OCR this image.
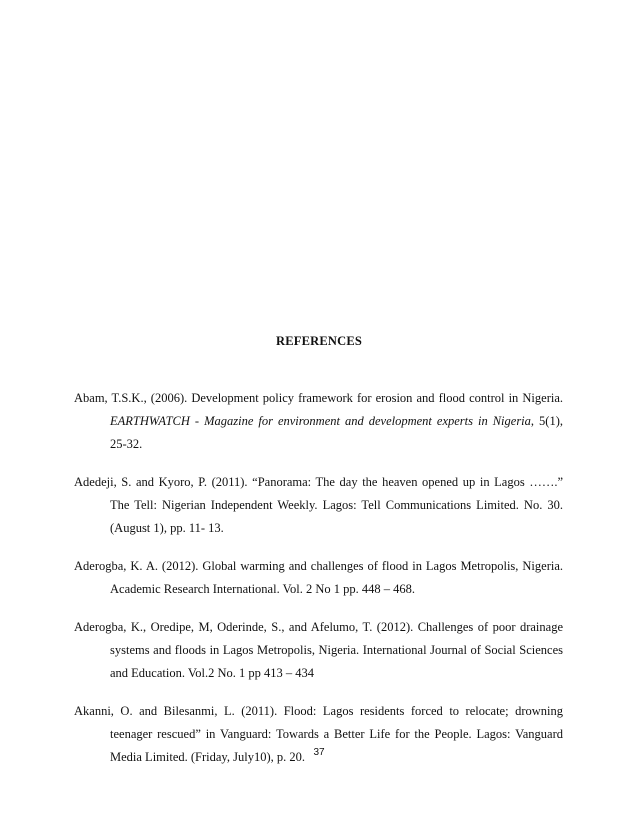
REFERENCES

Abam, T.S.K., (2006). Development policy framework for erosion and flood control in Nigeria. EARTHWATCH - Magazine for environment and development experts in Nigeria, 5(1), 25-32.

Adedeji, S. and Kyoro, P. (2011). “Panorama: The day the heaven opened up in Lagos …….” The Tell: Nigerian Independent Weekly. Lagos: Tell Communications Limited. No. 30. (August 1), pp. 11- 13.

Aderogba, K. A. (2012). Global warming and challenges of flood in Lagos Metropolis, Nigeria. Academic Research International. Vol. 2 No 1 pp. 448 – 468.

Aderogba, K., Oredipe, M, Oderinde, S., and Afelumo, T. (2012). Challenges of poor drainage systems and floods in Lagos Metropolis, Nigeria. International Journal of Social Sciences and Education. Vol.2 No. 1 pp 413 – 434

Akanni, O. and Bilesanmi, L. (2011). Flood: Lagos residents forced to relocate; drowning teenager rescued” in Vanguard: Towards a Better Life for the People. Lagos: Vanguard Media Limited. (Friday, July10), p. 20. 37
